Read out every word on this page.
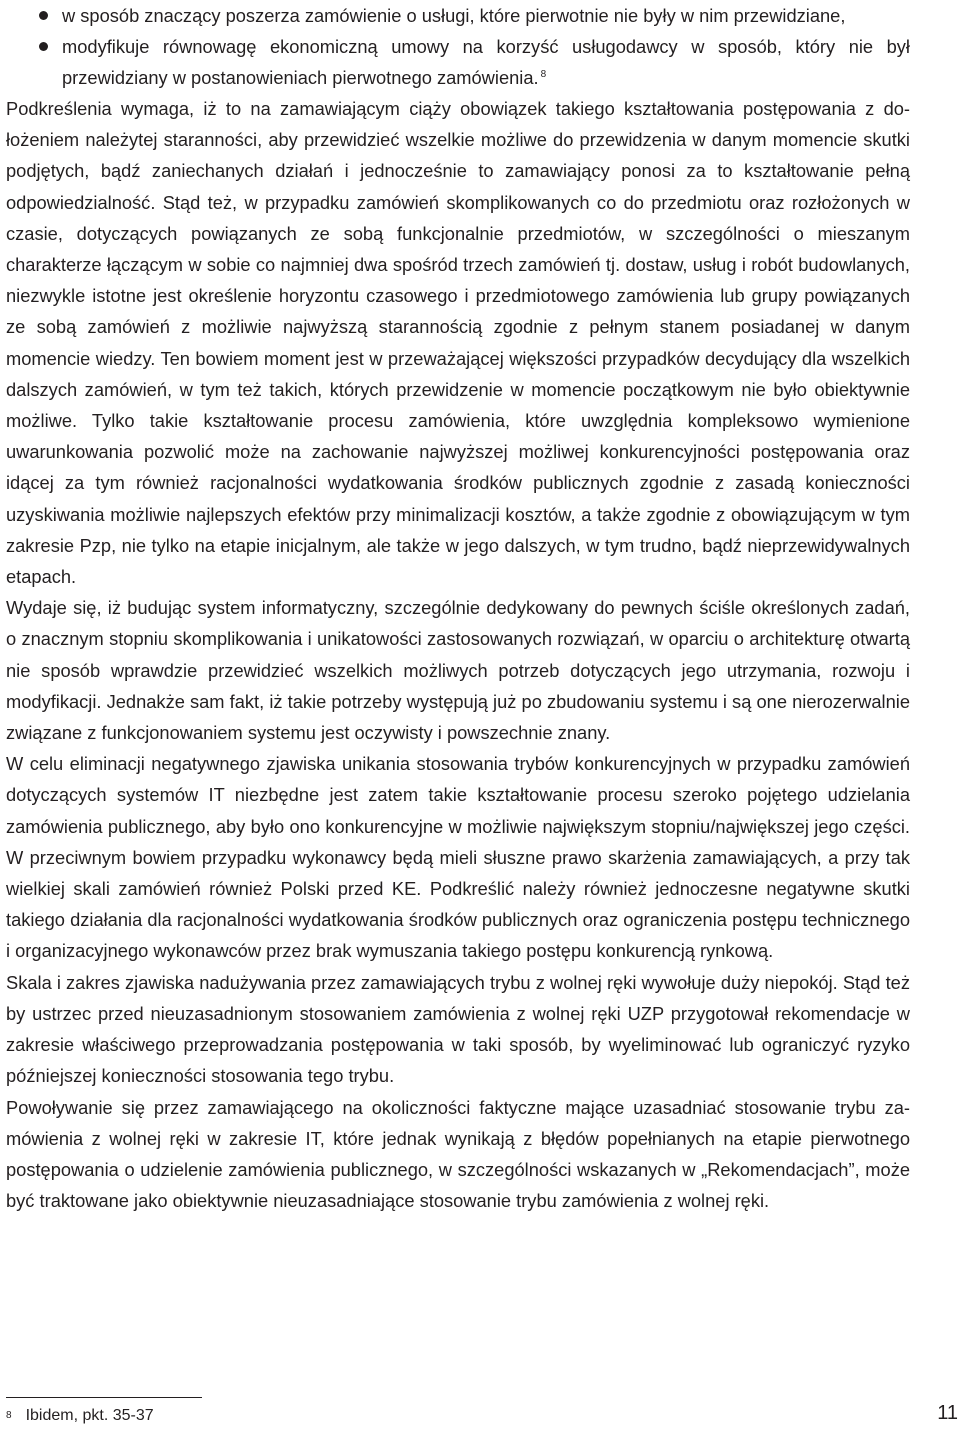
w sposób znaczący poszerza zamówienie o usługi, które pierwotnie nie były w nim przewidziane,
modyfikuje równowagę ekonomiczną umowy na korzyść usługodawcy w sposób, który nie był przewidziany w postanowieniach pierwotnego zamówienia. $^8$

Podkreślenia wymaga, iż to na zamawiającym ciąży obowiązek takiego kształtowania postępowania z dołożeniem należytej staranności, aby przewidzieć wszelkie możliwe do przewidzenia w danym momencie skutki podjętych, bądź zaniechanych działań i jednocześnie to zamawiający ponosi za to kształtowanie pełną odpowiedzialność. Stąd też, w przypadku zamówień skomplikowanych co do przedmiotu oraz rozłożonych w czasie, dotyczących powiązanych ze sobą funkcjonalnie przedmiotów, w szczególności o mieszanym charakterze łączącym w sobie co najmniej dwa spośród trzech zamówień tj. dostaw, usług i robót budowlanych, niezwykle istotne jest określenie horyzontu czasowego i przedmiotowego zamówienia lub grupy powiązanych ze sobą zamówień z możliwie najwyższą starannością zgodnie z pełnym stanem posiadanej w danym momencie wiedzy. Ten bowiem moment jest w przeważającej większości przypadków decydujący dla wszelkich dalszych zamówień, w tym też takich, których przewidzenie w momencie początkowym nie było obiektywnie możliwe. Tylko takie kształtowanie procesu zamówienia, które uwzględnia kompleksowo wymienione uwarunkowania pozwolić może na zachowanie najwyższej możliwej konkurencyjności postępowania oraz idącej za tym również racjonalności wydatkowania środków publicznych zgodnie z zasadą konieczności uzyskiwania możliwie najlepszych efektów przy minimalizacji kosztów, a także zgodnie z obowiązującym w tym zakresie Pzp, nie tylko na etapie inicjalnym, ale także w jego dalszych, w tym trudno, bądź nieprzewidywalnych etapach.

Wydaje się, iż budując system informatyczny, szczególnie dedykowany do pewnych ściśle określonych zadań, o znacznym stopniu skomplikowania i unikatowości zastosowanych rozwiązań, w oparciu o architekturę otwartą nie sposób wprawdzie przewidzieć wszelkich możliwych potrzeb dotyczących jego utrzymania, rozwoju i modyfikacji. Jednakże sam fakt, iż takie potrzeby występują już po zbudowaniu systemu i są one nierozerwalnie związane z funkcjonowaniem systemu jest oczywisty i powszechnie znany.

W celu eliminacji negatywnego zjawiska unikania stosowania trybów konkurencyjnych w przypadku zamówień dotyczących systemów IT niezbędne jest zatem takie kształtowanie procesu szeroko pojętego udzielania zamówienia publicznego, aby było ono konkurencyjne w możliwie największym stopniu/największej jego części. W przeciwnym bowiem przypadku wykonawcy będą mieli słuszne prawo skarżenia zamawiających, a przy tak wielkiej skali zamówień również Polski przed KE. Podkreślić należy również jednoczesne negatywne skutki takiego działania dla racjonalności wydatkowania środków publicznych oraz ograniczenia postępu technicznego i organizacyjnego wykonawców przez brak wymuszania takiego postępu konkurencją rynkową.

Skala i zakres zjawiska nadużywania przez zamawiających trybu z wolnej ręki wywołuje duży niepokój. Stąd też by ustrzec przed nieuzasadnionym stosowaniem zamówienia z wolnej ręki UZP przygotował rekomendacje w zakresie właściwego przeprowadzania postępowania w taki sposób, by wyeliminować lub ograniczyć ryzyko późniejszej konieczności stosowania tego trybu.

Powoływanie się przez zamawiającego na okoliczności faktyczne mające uzasadniać stosowanie trybu zamówienia z wolnej ręki w zakresie IT, które jednak wynikają z błędów popełnianych na etapie pierwotnego postępowania o udzielenie zamówienia publicznego, w szczególności wskazanych w „Rekomendacjach”, może być traktowane jako obiektywnie nieuzasadniające stosowanie trybu zamówienia z wolnej ręki.

$^8$ Ibidem, pkt. 35-37	11
